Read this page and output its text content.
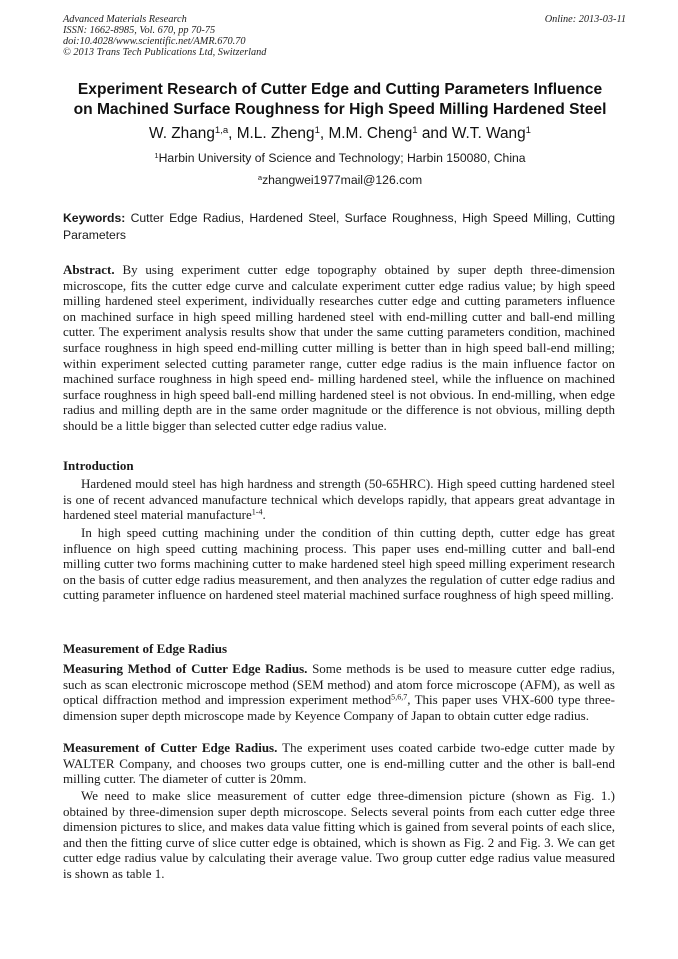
Advanced Materials Research
ISSN: 1662-8985, Vol. 670, pp 70-75
doi:10.4028/www.scientific.net/AMR.670.70
© 2013 Trans Tech Publications Ltd, Switzerland
Online: 2013-03-11
Experiment Research of Cutter Edge and Cutting Parameters Influence
on Machined Surface Roughness for High Speed Milling Hardened Steel
W. Zhang$^{1,a}$, M.L. Zheng$^1$, M.M. Cheng$^1$ and W.T. Wang$^1$
$^1$Harbin University of Science and Technology; Harbin 150080, China
$^a$zhangwei1977mail@126.com
Keywords: Cutter Edge Radius, Hardened Steel, Surface Roughness, High Speed Milling, Cutting Parameters
Abstract. By using experiment cutter edge topography obtained by super depth three-dimension microscope, fits the cutter edge curve and calculate experiment cutter edge radius value; by high speed milling hardened steel experiment, individually researches cutter edge and cutting parameters influence on machined surface in high speed milling hardened steel with end-milling cutter and ball-end milling cutter. The experiment analysis results show that under the same cutting parameters condition, machined surface roughness in high speed end-milling cutter milling is better than in high speed ball-end milling; within experiment selected cutting parameter range, cutter edge radius is the main influence factor on machined surface roughness in high speed end- milling hardened steel, while the influence on machined surface roughness in high speed ball-end milling hardened steel is not obvious. In end-milling, when edge radius and milling depth are in the same order magnitude or the difference is not obvious, milling depth should be a little bigger than selected cutter edge radius value.
Introduction
Hardened mould steel has high hardness and strength (50-65HRC). High speed cutting hardened steel is one of recent advanced manufacture technical which develops rapidly, that appears great advantage in hardened steel material manufacture$^{1-4}$.
In high speed cutting machining under the condition of thin cutting depth, cutter edge has great influence on high speed cutting machining process. This paper uses end-milling cutter and ball-end milling cutter two forms machining cutter to make hardened steel high speed milling experiment research on the basis of cutter edge radius measurement, and then analyzes the regulation of cutter edge radius and cutting parameter influence on hardened steel material machined surface roughness of high speed milling.
Measurement of Edge Radius
Measuring Method of Cutter Edge Radius. Some methods is be used to measure cutter edge radius, such as scan electronic microscope method (SEM method) and atom force microscope (AFM), as well as optical diffraction method and impression experiment method$^{5,6,7}$, This paper uses VHX-600 type three-dimension super depth microscope made by Keyence Company of Japan to obtain cutter edge radius.
Measurement of Cutter Edge Radius. The experiment uses coated carbide two-edge cutter made by WALTER Company, and chooses two groups cutter, one is end-milling cutter and the other is ball-end milling cutter. The diameter of cutter is 20mm.
We need to make slice measurement of cutter edge three-dimension picture (shown as Fig. 1.) obtained by three-dimension super depth microscope. Selects several points from each cutter edge three dimension pictures to slice, and makes data value fitting which is gained from several points of each slice, and then the fitting curve of slice cutter edge is obtained, which is shown as Fig. 2 and Fig. 3. We can get cutter edge radius value by calculating their average value. Two group cutter edge radius value measured is shown as table 1.
